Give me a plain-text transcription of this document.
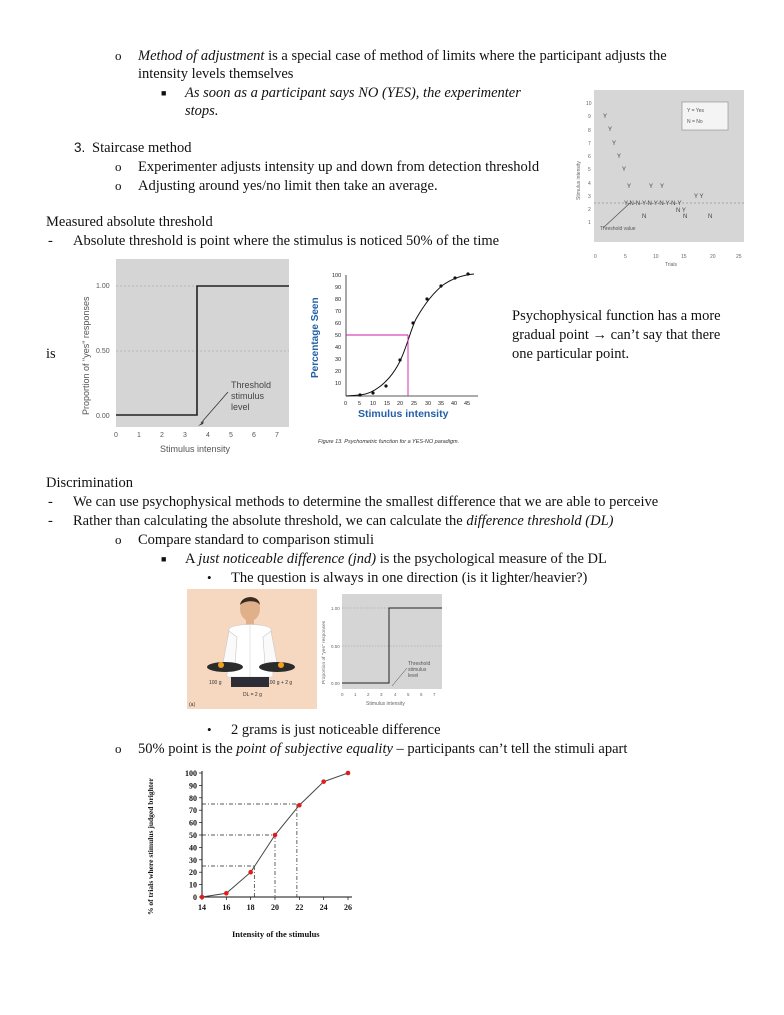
o Method of adjustment is a special case of method of limits where the participant adjusts the
intensity levels themselves
■ As soon as a participant says NO (YES), the experimenter
stops.
3. Staircase method
o Experimenter adjusts intensity up and down from detection threshold
o Adjusting around yes/no limit then take an average.
Y = Yes
N = No
10
9
8
7
6
5
4
3
2
1
0	5	10	15	20	25
Stimulus intensity
Trials
Y
Y
Y
Y
Y
Y	Y Y
Y Y
N Y
N	N	N
Y-N-N-Y-N-Y-N-Y-N-Y
Threshold value
Measured absolute threshold
- Absolute threshold is point where the stimulus is noticed 50% of the time
is
Psychophysical function has a more gradual point → can’t say that there one particular point.
1.00
0.50
0.00
0	1	2	3	4	5	6	7
Proportion of "yes" responses
Stimulus intensity
Threshold
stimulus
level
100
90
80
70
60
50
40
30
20
10
0 5 10 15 20 25 30 35 40 45
Percentage Seen
Stimulus intensity
Figure 13. Psychometric function for a YES-NO paradigm.
Discrimination
- We can use psychophysical methods to determine the smallest difference that we are able to perceive
- Rather than calculating the absolute threshold, we can calculate the difference threshold (DL)
o Compare standard to comparison stimuli
■ A just noticeable difference (jnd) is the psychological measure of the DL
• The question is always in one direction (is it lighter/heavier?)
100 g	100 g + 2 g
DL = 2 g
(a)
1.00
0.50
0.00
0 1 2 3	4 5 6 7
Proportion of "yes" responses
Stimulus intensity
Threshold
stimulus
level
• 2 grams is just noticeable difference
o 50% point is the point of subjective equality – participants can’t tell the stimuli apart
% of trials where stimulus judged brighter
Intensity of the stimulus
0
10
20
30
40
50
60
70
80
90
100
14 16 18 20 22 24 26
